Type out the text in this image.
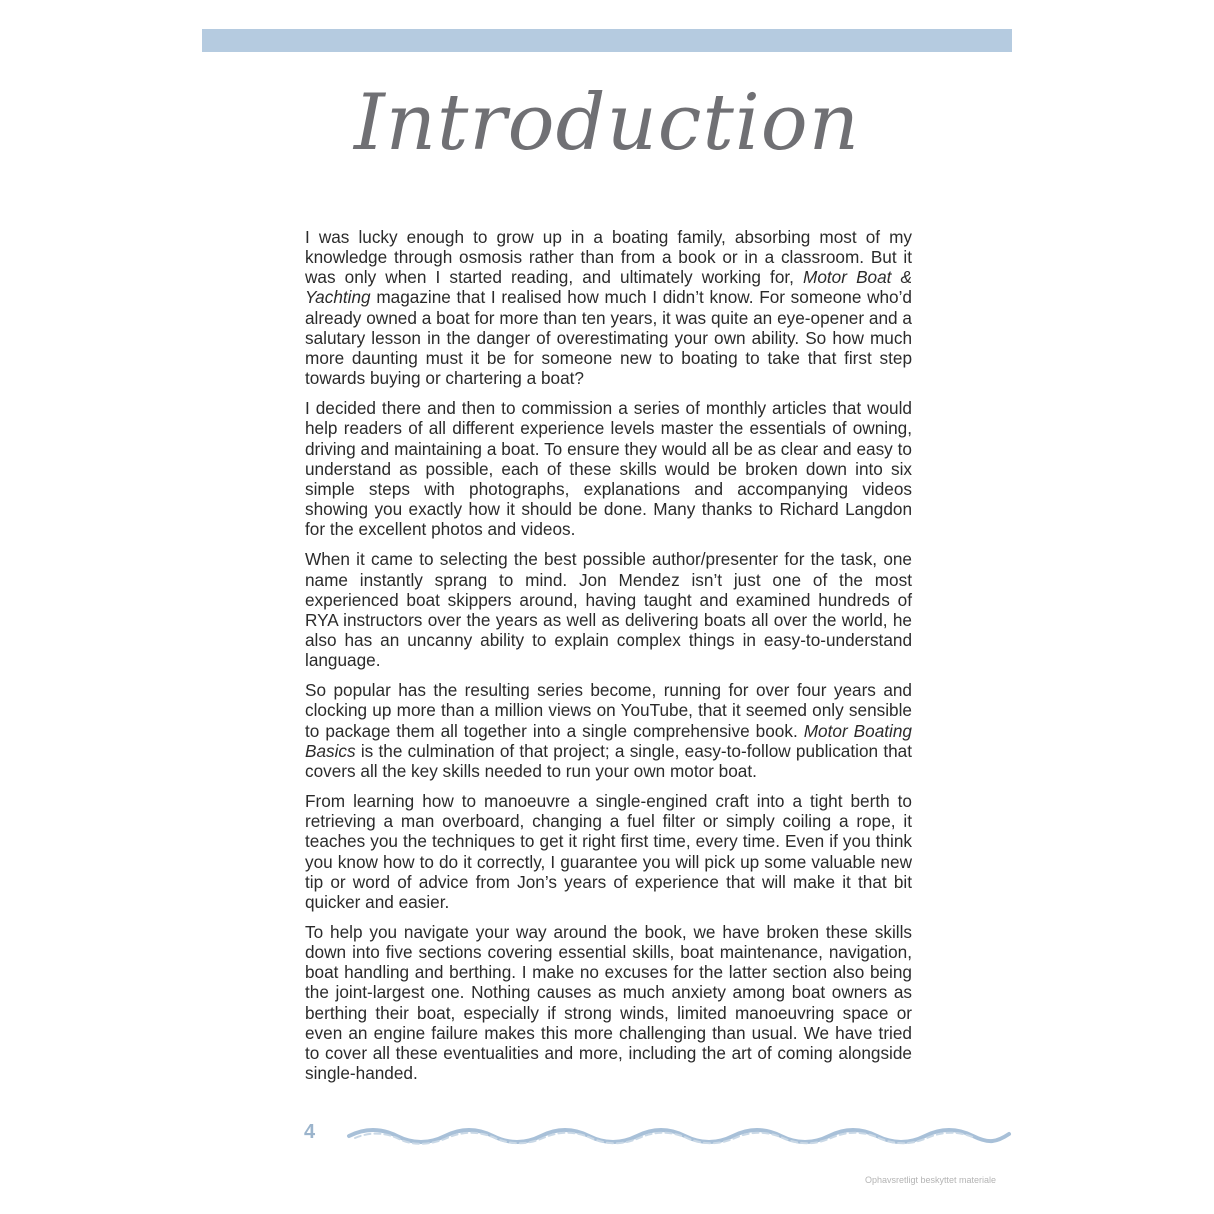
Introduction

I was lucky enough to grow up in a boating family, absorbing most of my knowledge through osmosis rather than from a book or in a classroom. But it was only when I started reading, and ultimately working for, Motor Boat & Yachting magazine that I realised how much I didn’t know. For someone who’d already owned a boat for more than ten years, it was quite an eye-opener and a salutary lesson in the danger of overestimating your own ability. So how much more daunting must it be for someone new to boating to take that first step towards buying or chartering a boat?

I decided there and then to commission a series of monthly articles that would help readers of all different experience levels master the essentials of owning, driving and maintaining a boat. To ensure they would all be as clear and easy to understand as possible, each of these skills would be broken down into six simple steps with photographs, explanations and accompanying videos showing you exactly how it should be done. Many thanks to Richard Langdon for the excellent photos and videos.

When it came to selecting the best possible author/presenter for the task, one name instantly sprang to mind. Jon Mendez isn’t just one of the most experienced boat skippers around, having taught and examined hundreds of RYA instructors over the years as well as delivering boats all over the world, he also has an uncanny ability to explain complex things in easy-to-understand language.

So popular has the resulting series become, running for over four years and clocking up more than a million views on YouTube, that it seemed only sensible to package them all together into a single comprehensive book. Motor Boating Basics is the culmination of that project; a single, easy-to-follow publication that covers all the key skills needed to run your own motor boat.

From learning how to manoeuvre a single-engined craft into a tight berth to retrieving a man overboard, changing a fuel filter or simply coiling a rope, it teaches you the techniques to get it right first time, every time. Even if you think you know how to do it correctly, I guarantee you will pick up some valuable new tip or word of advice from Jon’s years of experience that will make it that bit quicker and easier.

To help you navigate your way around the book, we have broken these skills down into five sections covering essential skills, boat maintenance, navigation, boat handling and berthing. I make no excuses for the latter section also being the joint-largest one. Nothing causes as much anxiety among boat owners as berthing their boat, especially if strong winds, limited manoeuvring space or even an engine failure makes this more challenging than usual. We have tried to cover all these eventualities and more, including the art of coming alongside single-handed.

4
Ophavsretligt beskyttet materiale
